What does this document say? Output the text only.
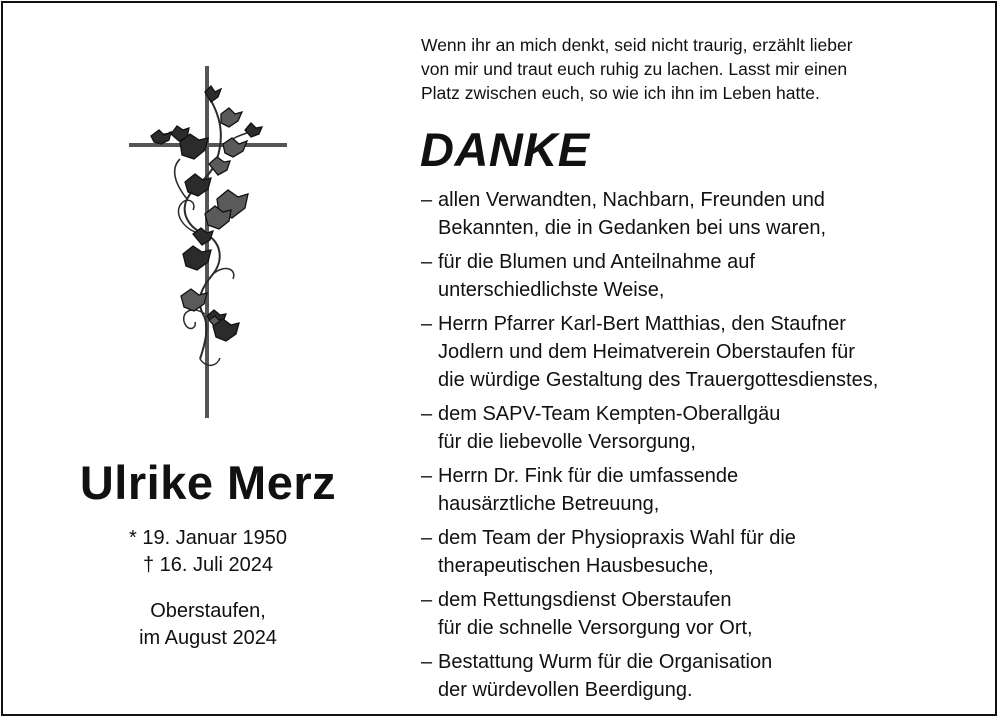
Ulrike Merz
* 19. Januar 1950
† 16. Juli 2024
Oberstaufen,
im August 2024
Wenn ihr an mich denkt, seid nicht traurig, erzählt lieber
von mir und traut euch ruhig zu lachen. Lasst mir einen
Platz zwischen euch, so wie ich ihn im Leben hatte.
DANKE
– allen Verwandten, Nachbarn, Freunden und
Bekannten, die in Gedanken bei uns waren,
– für die Blumen und Anteilnahme auf
unterschiedlichste Weise,
– Herrn Pfarrer Karl-Bert Matthias, den Staufner
Jodlern und dem Heimatverein Oberstaufen für
die würdige Gestaltung des Trauergottesdienstes,
– dem SAPV-Team Kempten-Oberallgäu
für die liebevolle Versorgung,
– Herrn Dr. Fink für die umfassende
hausärztliche Betreuung,
– dem Team der Physiopraxis Wahl für die
therapeutischen Hausbesuche,
– dem Rettungsdienst Oberstaufen
für die schnelle Versorgung vor Ort,
– Bestattung Wurm für die Organisation
der würdevollen Beerdigung.
